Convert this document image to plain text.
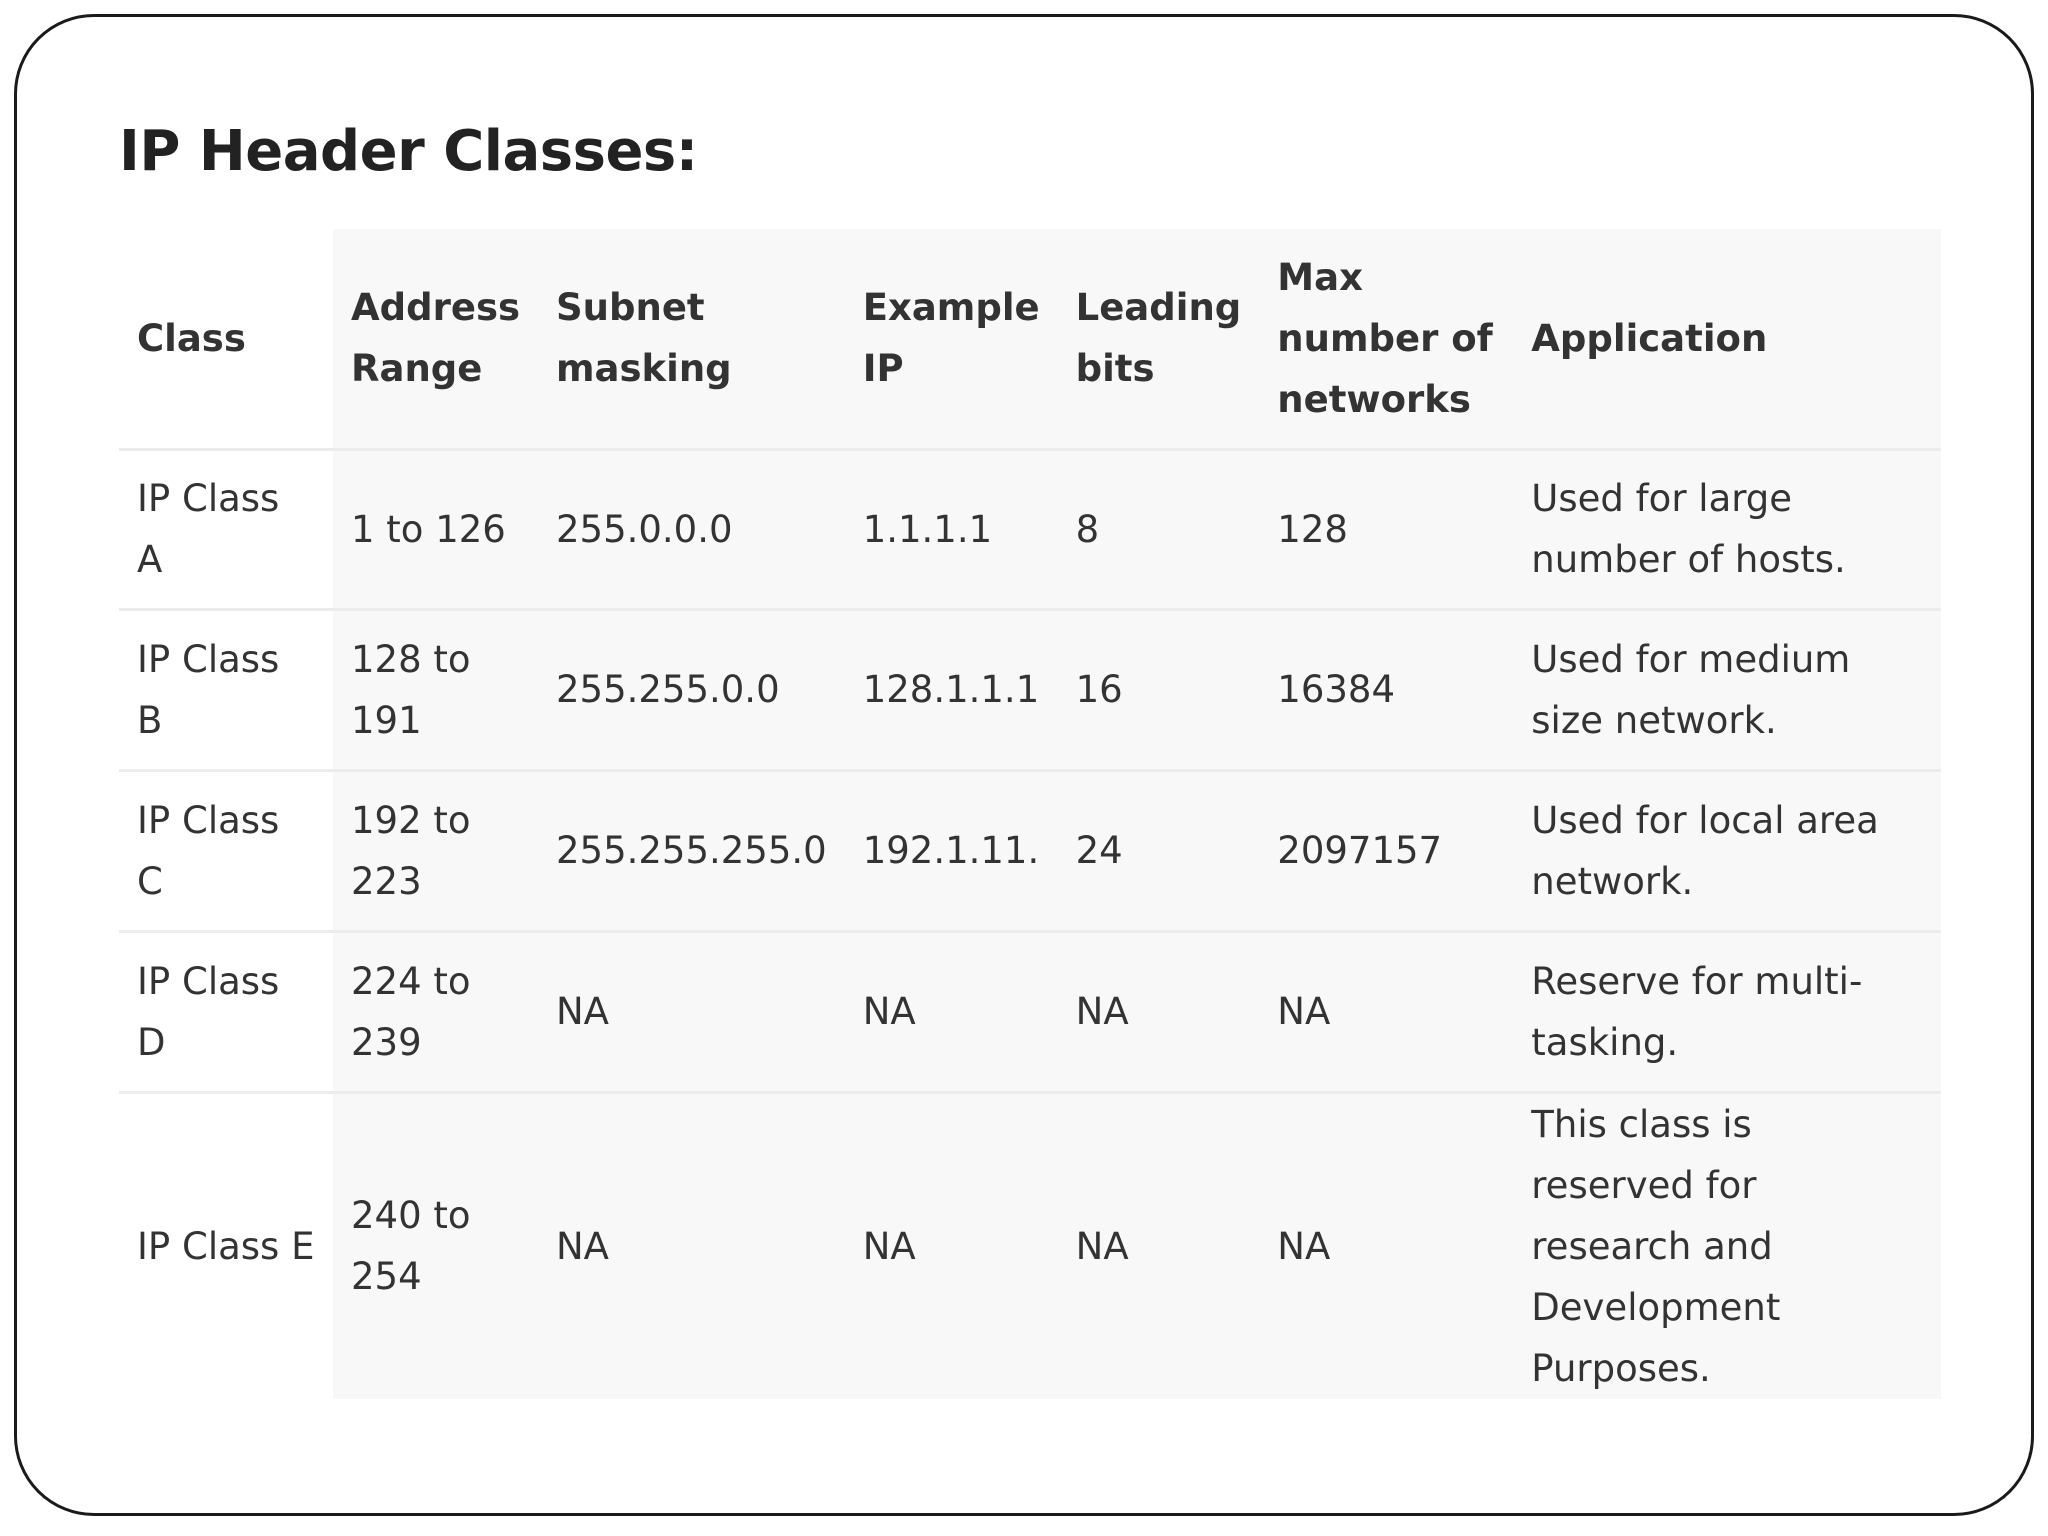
IP Header Classes:
Class	Address Range	Subnet masking	Example IP	Leading bits	Max number of networks	Application
IP Class A	1 to 126	255.0.0.0	1.1.1.1	8	128	Used for large number of hosts.
IP Class B	128 to 191	255.255.0.0	128.1.1.1	16	16384	Used for medium size network.
IP Class C	192 to 223	255.255.255.0	192.1.11.	24	2097157	Used for local area network.
IP Class D	224 to 239	NA	NA	NA	NA	Reserve for multi-tasking.
IP Class E	240 to 254	NA	NA	NA	NA	This class is reserved for research and Development Purposes.
